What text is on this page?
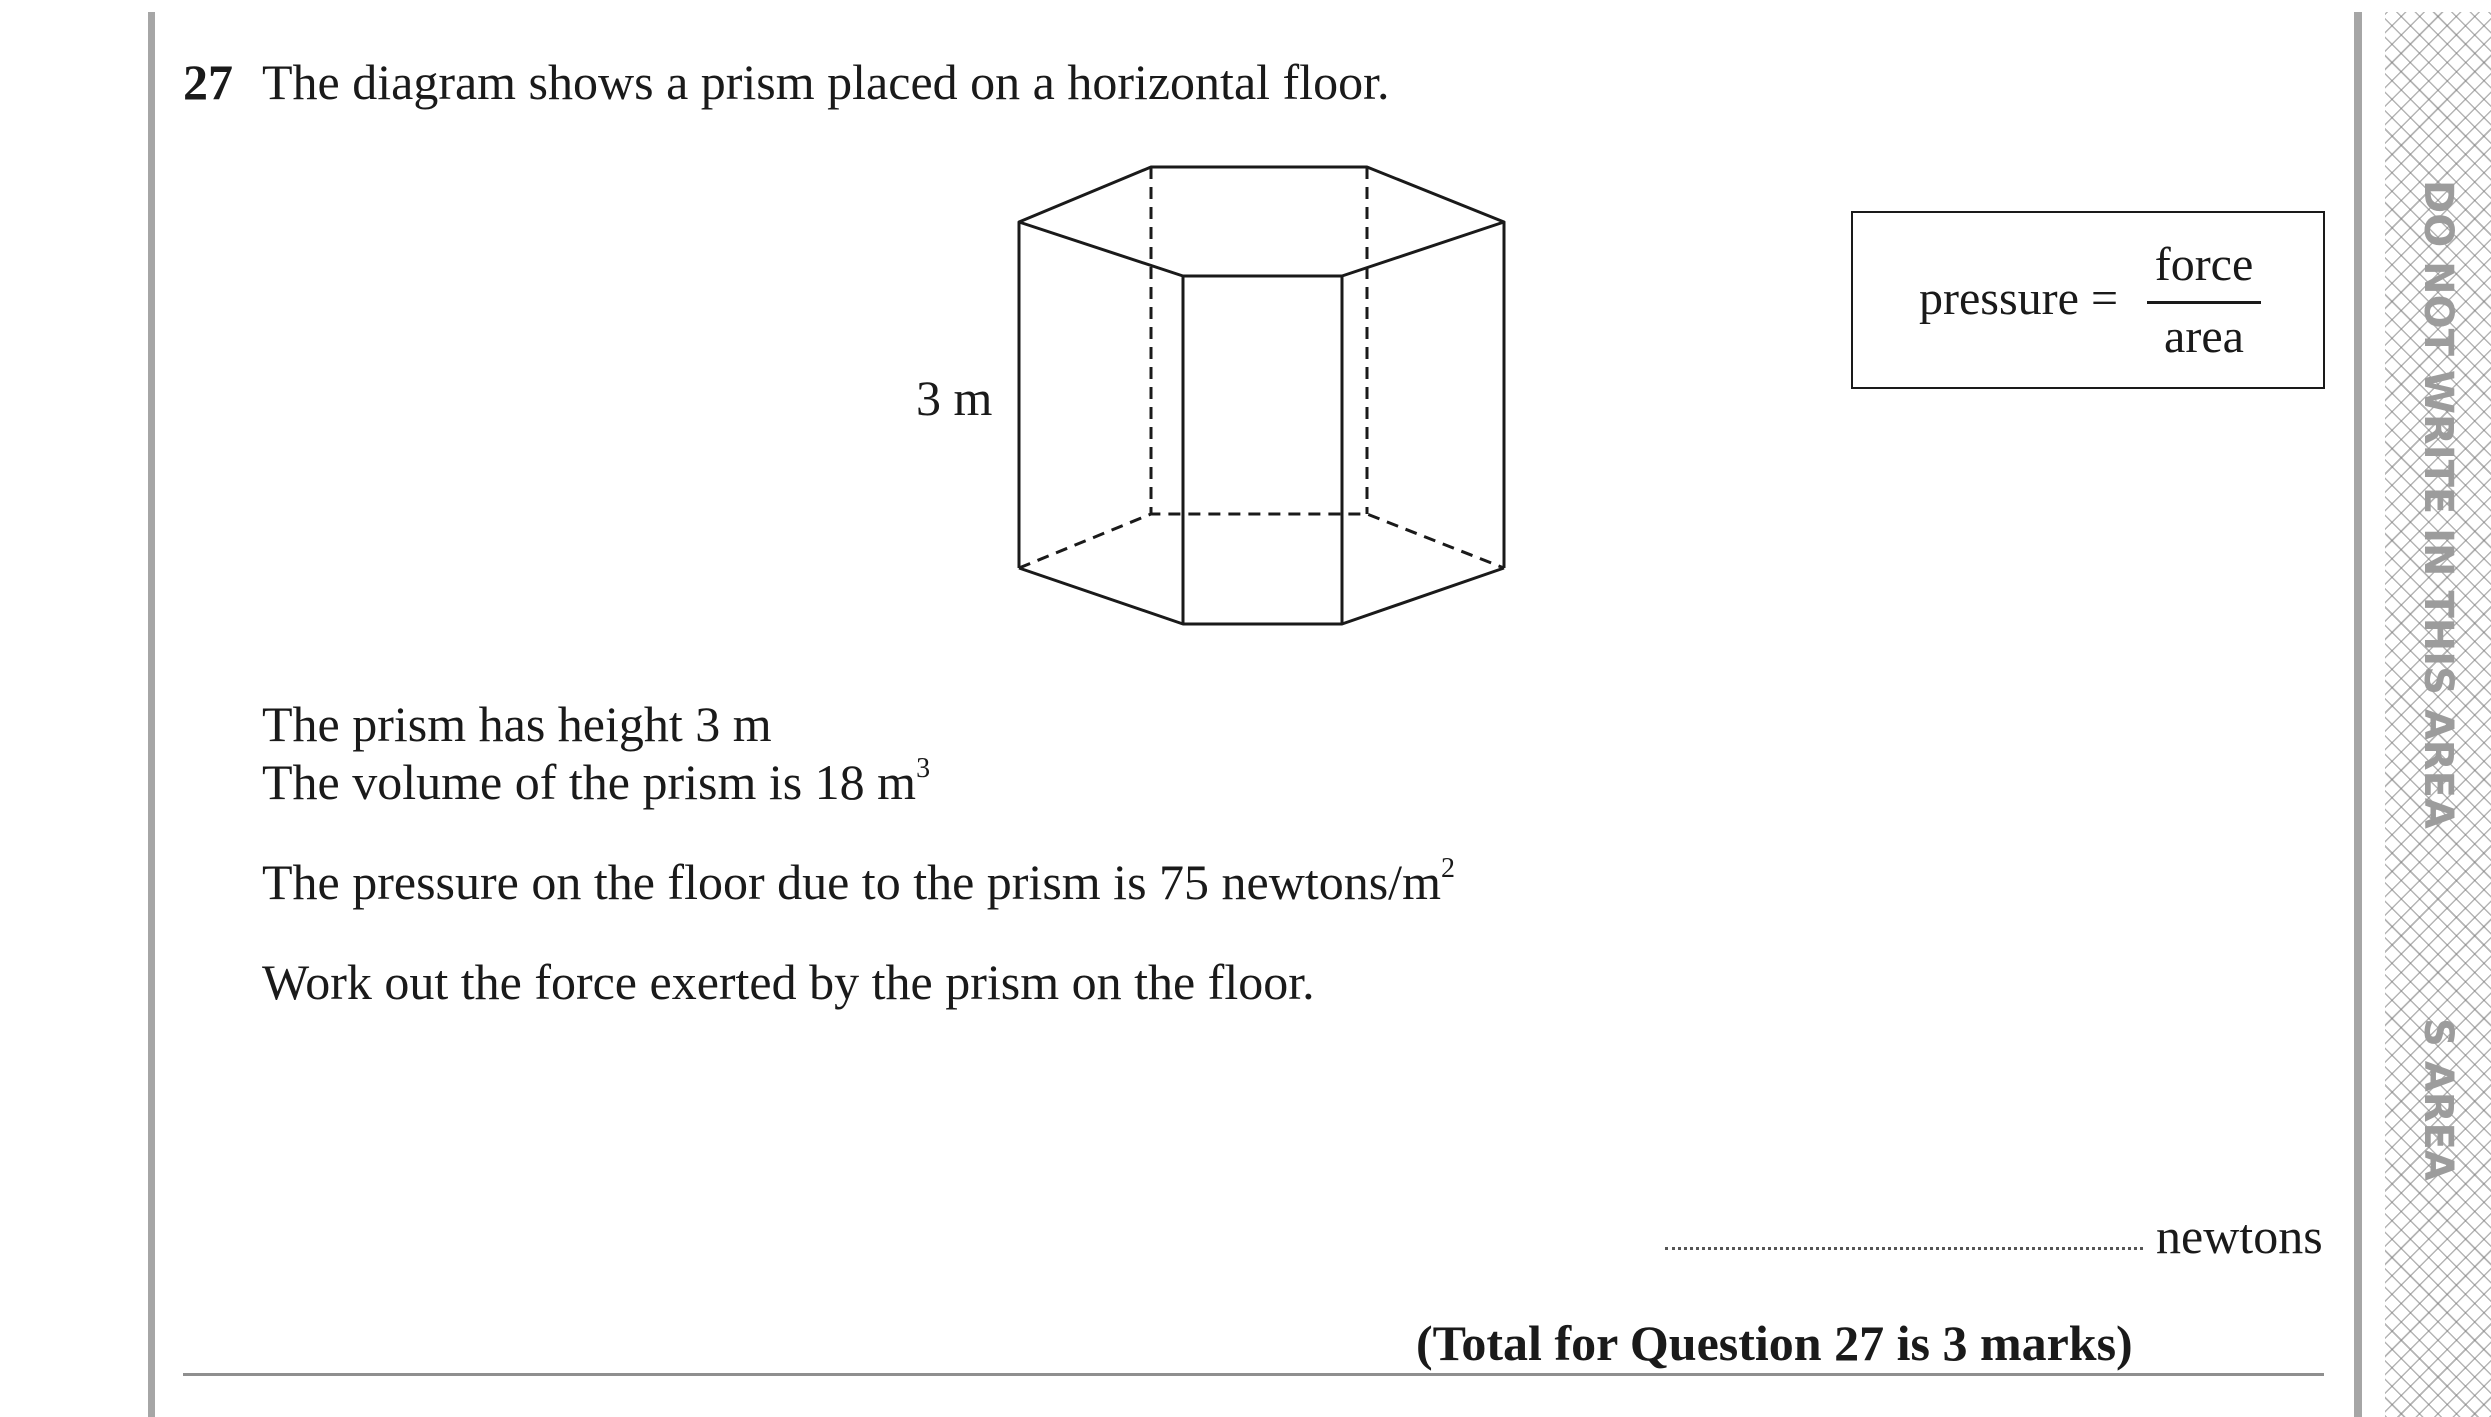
DO NOT WRITE IN THIS AREA
S AREA
27 The diagram shows a prism placed on a horizontal floor.
3 m
pressure =
force
area
The prism has height 3 m
The volume of the prism is 18 $m^3$
The pressure on the floor due to the prism is 75 newtons/$m^2$
Work out the force exerted by the prism on the floor.
newtons
(Total for Question 27 is 3 marks)
